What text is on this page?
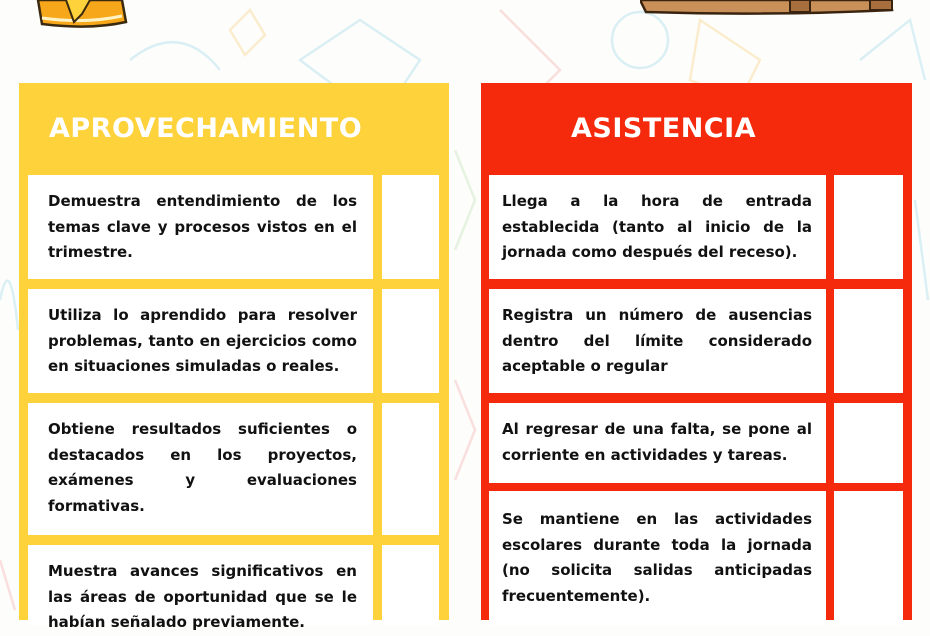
APROVECHAMIENTO
Demuestra entendimiento de los temas clave y procesos vistos en el trimestre.
Utiliza lo aprendido para resolver problemas, tanto en ejercicios como en situaciones simuladas o reales.
Obtiene resultados suficientes o destacados en los proyectos, exámenes y evaluaciones formativas.
Muestra avances significativos en las áreas de oportunidad que se le habían señalado previamente.
ASISTENCIA
Llega a la hora de entrada establecida (tanto al inicio de la jornada como después del receso).
Registra un número de ausencias dentro del límite considerado aceptable o regular
Al regresar de una falta, se pone al corriente en actividades y tareas.
Se mantiene en las actividades escolares durante toda la jornada (no solicita salidas anticipadas frecuentemente).
